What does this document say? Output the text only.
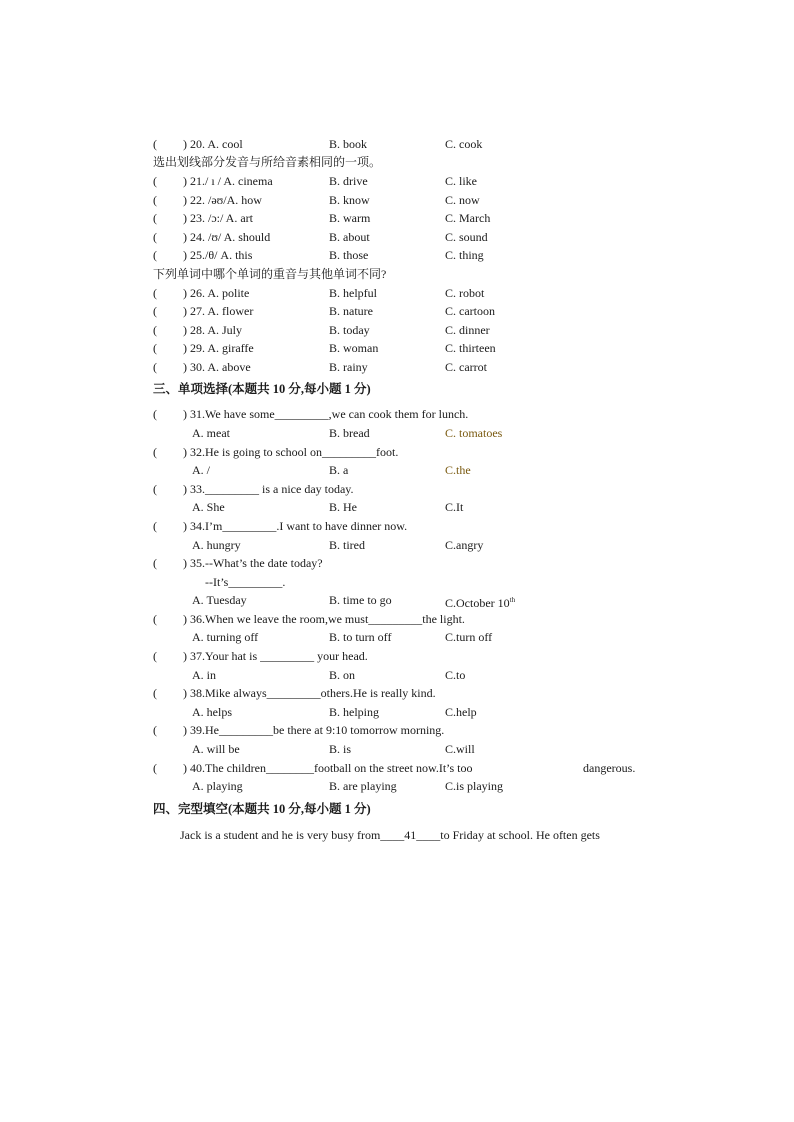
( ) 20. A. cool	B. book	C. cook
选出划线部分发音与所给音素相同的一项。
( ) 21./ ı / A. cinema	B. drive	C. like
( ) 22. /əʊ/A. how	B. know	C. now
( ) 23. /ɔ:/ A. art	B. warm	C. March
( ) 24. /ʊ/ A. should	B. about	C. sound
( ) 25./θ/ A. this	B. those	C. thing
下列单词中哪个单词的重音与其他单词不同?
( ) 26. A. polite	B. helpful	C. robot
( ) 27. A. flower	B. nature	C. cartoon
( ) 28. A. July	B. today	C. dinner
( ) 29. A. giraffe	B. woman	C. thirteen
( ) 30. A. above	B. rainy	C. carrot
三、单项选择(本题共 10 分,每小题 1 分)
( ) 31.We have some_________,we can cook them for lunch.
A. meat	B. bread	C. tomatoes
( ) 32.He is going to school on_________foot.
A. /	B. a	C.the
( ) 33._________ is a nice day today.
A. She	B. He	C.It
( ) 34.I’m_________.I want to have dinner now.
A. hungry	B. tired	C.angry
( ) 35.--What’s the date today?
--It’s_________.
A. Tuesday	B. time to go	C.October 10th
( ) 36.When we leave the room,we must_________the light.
A. turning off	B. to turn off	C.turn off
( ) 37.Your hat is _________ your head.
A. in	B. on	C.to
( ) 38.Mike always_________others.He is really kind.
A. helps	B. helping	C.help
( ) 39.He_________be there at 9:10 tomorrow morning.
A. will be	B. is	C.will
( ) 40.The children________football on the street now.It’s too	dangerous.
A. playing	B. are playing	C.is playing
四、完型填空(本题共 10 分,每小题 1 分)
Jack is a student and he is very busy from____41____to Friday at school. He often gets
